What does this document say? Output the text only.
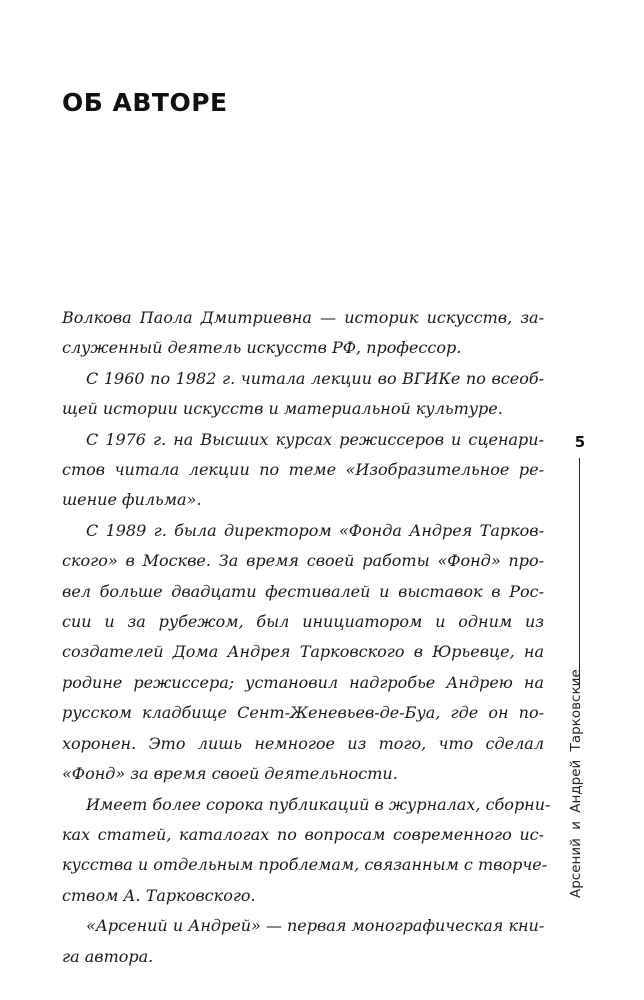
ОБ АВТОРЕ
Волкова Паола Дмитриевна — историк искусств, за-
служенный деятель искусств РФ, профессор.
С 1960 по 1982 г. читала лекции во ВГИКе по всеоб-
щей истории искусств и материальной культуре.
С 1976 г. на Высших курсах режиссеров и сценари-
стов читала лекции по теме «Изобразительное ре-
шение фильма».
С 1989 г. была директором «Фонда Андрея Тарков-
ского» в Москве. За время своей работы «Фонд» про-
вел больше двадцати фестивалей и выставок в Рос-
сии и за рубежом, был инициатором и одним из
создателей Дома Андрея Тарковского в Юрьевце, на
родине режиссера; установил надгробье Андрею на
русском кладбище Сент-Женевьев-де-Буа, где он по-
хоронен. Это лишь немногое из того, что сделал
«Фонд» за время своей деятельности.
Имеет более сорока публикаций в журналах, сборни-
ках статей, каталогах по вопросам современного ис-
кусства и отдельным проблемам, связанным с творче-
ством А. Тарковского.
«Арсений и Андрей» — первая монографическая кни-
га автора.
5
Арсений и Андрей Тарковские
